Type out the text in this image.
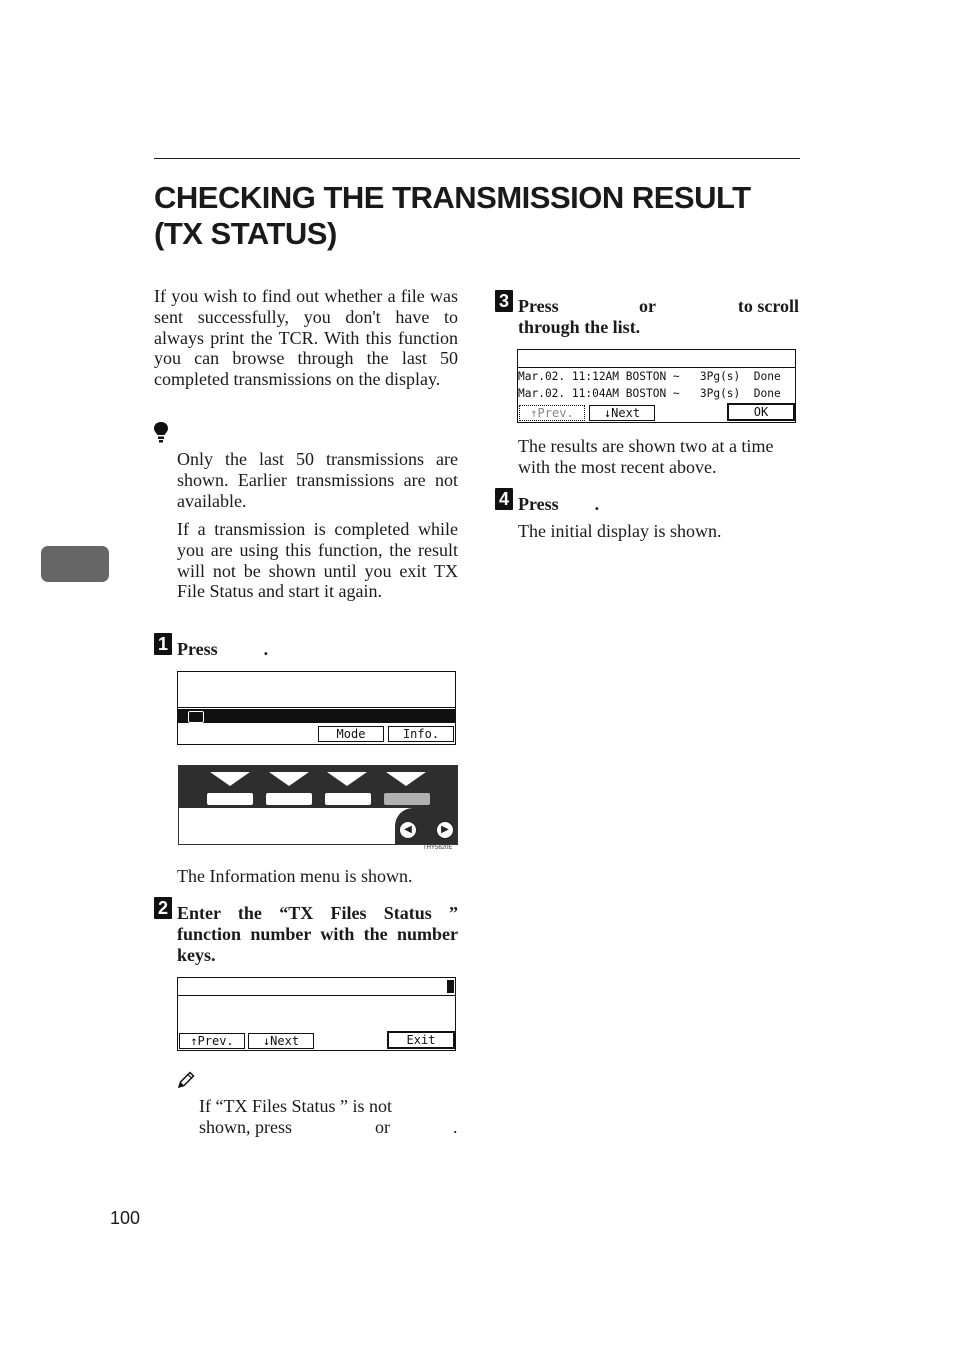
CHECKING THE TRANSMISSION RESULT (TX STATUS)
3

If you wish to find out whether a file was sent successfully, you don't have to always print the TCR. With this function you can browse through the last 50 completed transmissions on the display.

Only the last 50 transmissions are shown. Earlier transmissions are not available.

If a transmission is completed while you are using this function, the result will not be shown until you exit TX File Status and start it again.

1 Press	.

Mode	Info.
◀	▶
THY5620E

The Information menu is shown.

2 Enter the “TX Files Status ” function number with the number keys.

↑Prev.	↓Next	Exit
If “TX Files Status ” is not
shown, press	or	.
100
3 Press	or	to scroll
through the list.

Mar.02. 11:12AM BOSTON ~   3Pg(s)  Done
Mar.02. 11:04AM BOSTON ~   3Pg(s)  Done
↑Prev.	↓Next	OK

The results are shown two at a time with the most recent above.

4 Press .

The initial display is shown.
